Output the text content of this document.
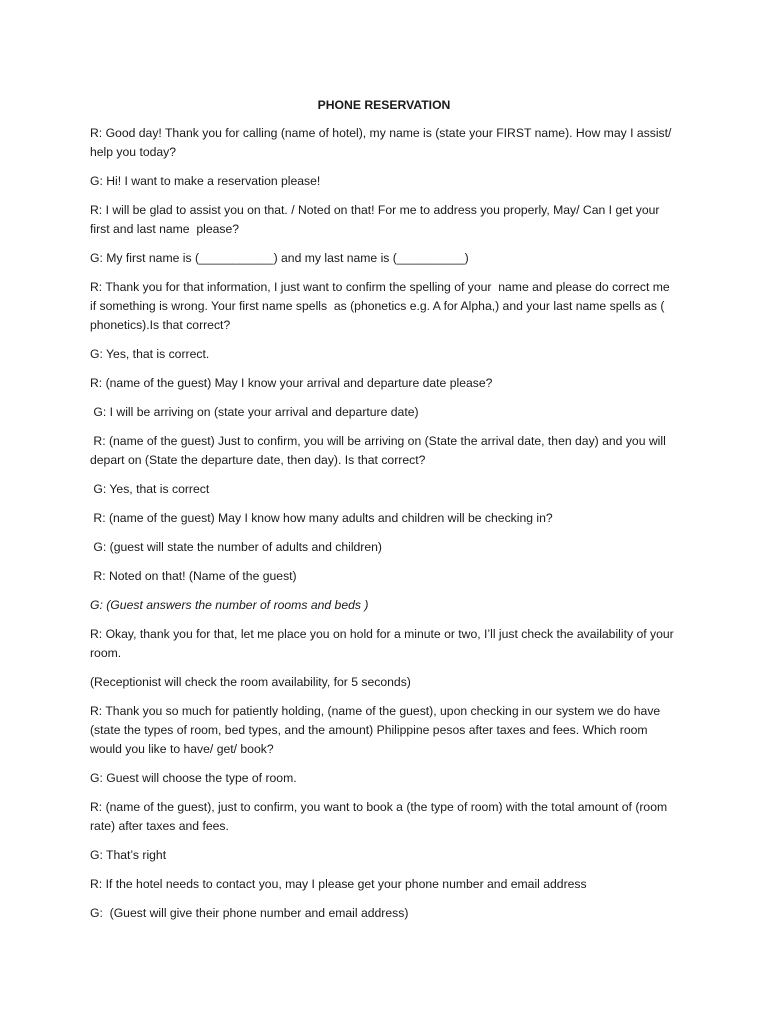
PHONE RESERVATION
R: Good day! Thank you for calling (name of hotel), my name is (state your FIRST name). How may I assist/ help you today?
G: Hi! I want to make a reservation please!
R: I will be glad to assist you on that. / Noted on that! For me to address you properly, May/ Can I get your first and last name  please?
G: My first name is (___________) and my last name is (__________)
R: Thank you for that information, I just want to confirm the spelling of your  name and please do correct me if something is wrong. Your first name spells  as (phonetics e.g. A for Alpha,) and your last name spells as ( phonetics).Is that correct?
G: Yes, that is correct.
R: (name of the guest) May I know your arrival and departure date please?
G: I will be arriving on (state your arrival and departure date)
R: (name of the guest) Just to confirm, you will be arriving on (State the arrival date, then day) and you will depart on (State the departure date, then day). Is that correct?
G: Yes, that is correct
R: (name of the guest) May I know how many adults and children will be checking in?
G: (guest will state the number of adults and children)
R: Noted on that! (Name of the guest)
G: (Guest answers the number of rooms and beds )
R: Okay, thank you for that, let me place you on hold for a minute or two, I’ll just check the availability of your room.
(Receptionist will check the room availability, for 5 seconds)
R: Thank you so much for patiently holding, (name of the guest), upon checking in our system we do have (state the types of room, bed types, and the amount) Philippine pesos after taxes and fees. Which room would you like to have/ get/ book?
G: Guest will choose the type of room.
R: (name of the guest), just to confirm, you want to book a (the type of room) with the total amount of (room rate) after taxes and fees.
G: That’s right
R: If the hotel needs to contact you, may I please get your phone number and email address
G:  (Guest will give their phone number and email address)
